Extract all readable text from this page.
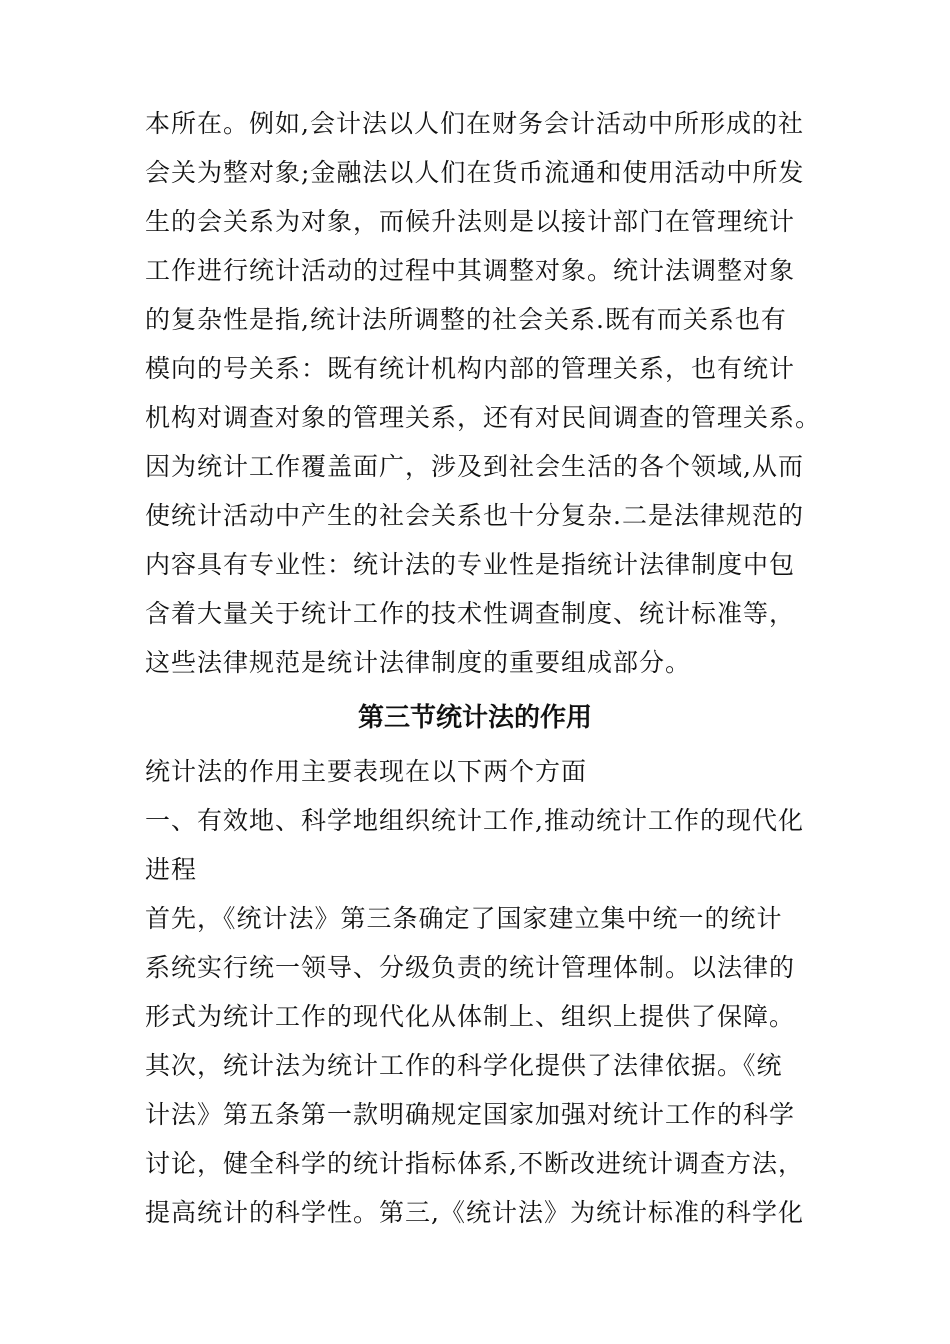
本所在。例如,会计法以人们在财务会计活动中所形成的社
会关为整对象;金融法以人们在货币流通和使用活动中所发
生的会关系为对象，而候升法则是以接计部门在管理统计
工作进行统计活动的过程中其调整对象。统计法调整对象
的复杂性是指,统计法所调整的社会关系.既有而关系也有
模向的号关系：既有统计机构内部的管理关系，也有统计
机构对调查对象的管理关系，还有对民间调查的管理关系。
因为统计工作覆盖面广，涉及到社会生活的各个领域,从而
使统计活动中产生的社会关系也十分复杂.二是法律规范的
内容具有专业性：统计法的专业性是指统计法律制度中包
含着大量关于统计工作的技术性调查制度、统计标准等，
这些法律规范是统计法律制度的重要组成部分。
第三节统计法的作用
统计法的作用主要表现在以下两个方面
一、有效地、科学地组织统计工作,推动统计工作的现代化
进程
首先，《统计法》第三条确定了国家建立集中统一的统计
系统实行统一领导、分级负责的统计管理体制。以法律的
形式为统计工作的现代化从体制上、组织上提供了保障。
其次，统计法为统计工作的科学化提供了法律依据。《统
计法》第五条第一款明确规定国家加强对统计工作的科学
讨论，健全科学的统计指标体系,不断改进统计调查方法，
提高统计的科学性。第三,《统计法》为统计标准的科学化
